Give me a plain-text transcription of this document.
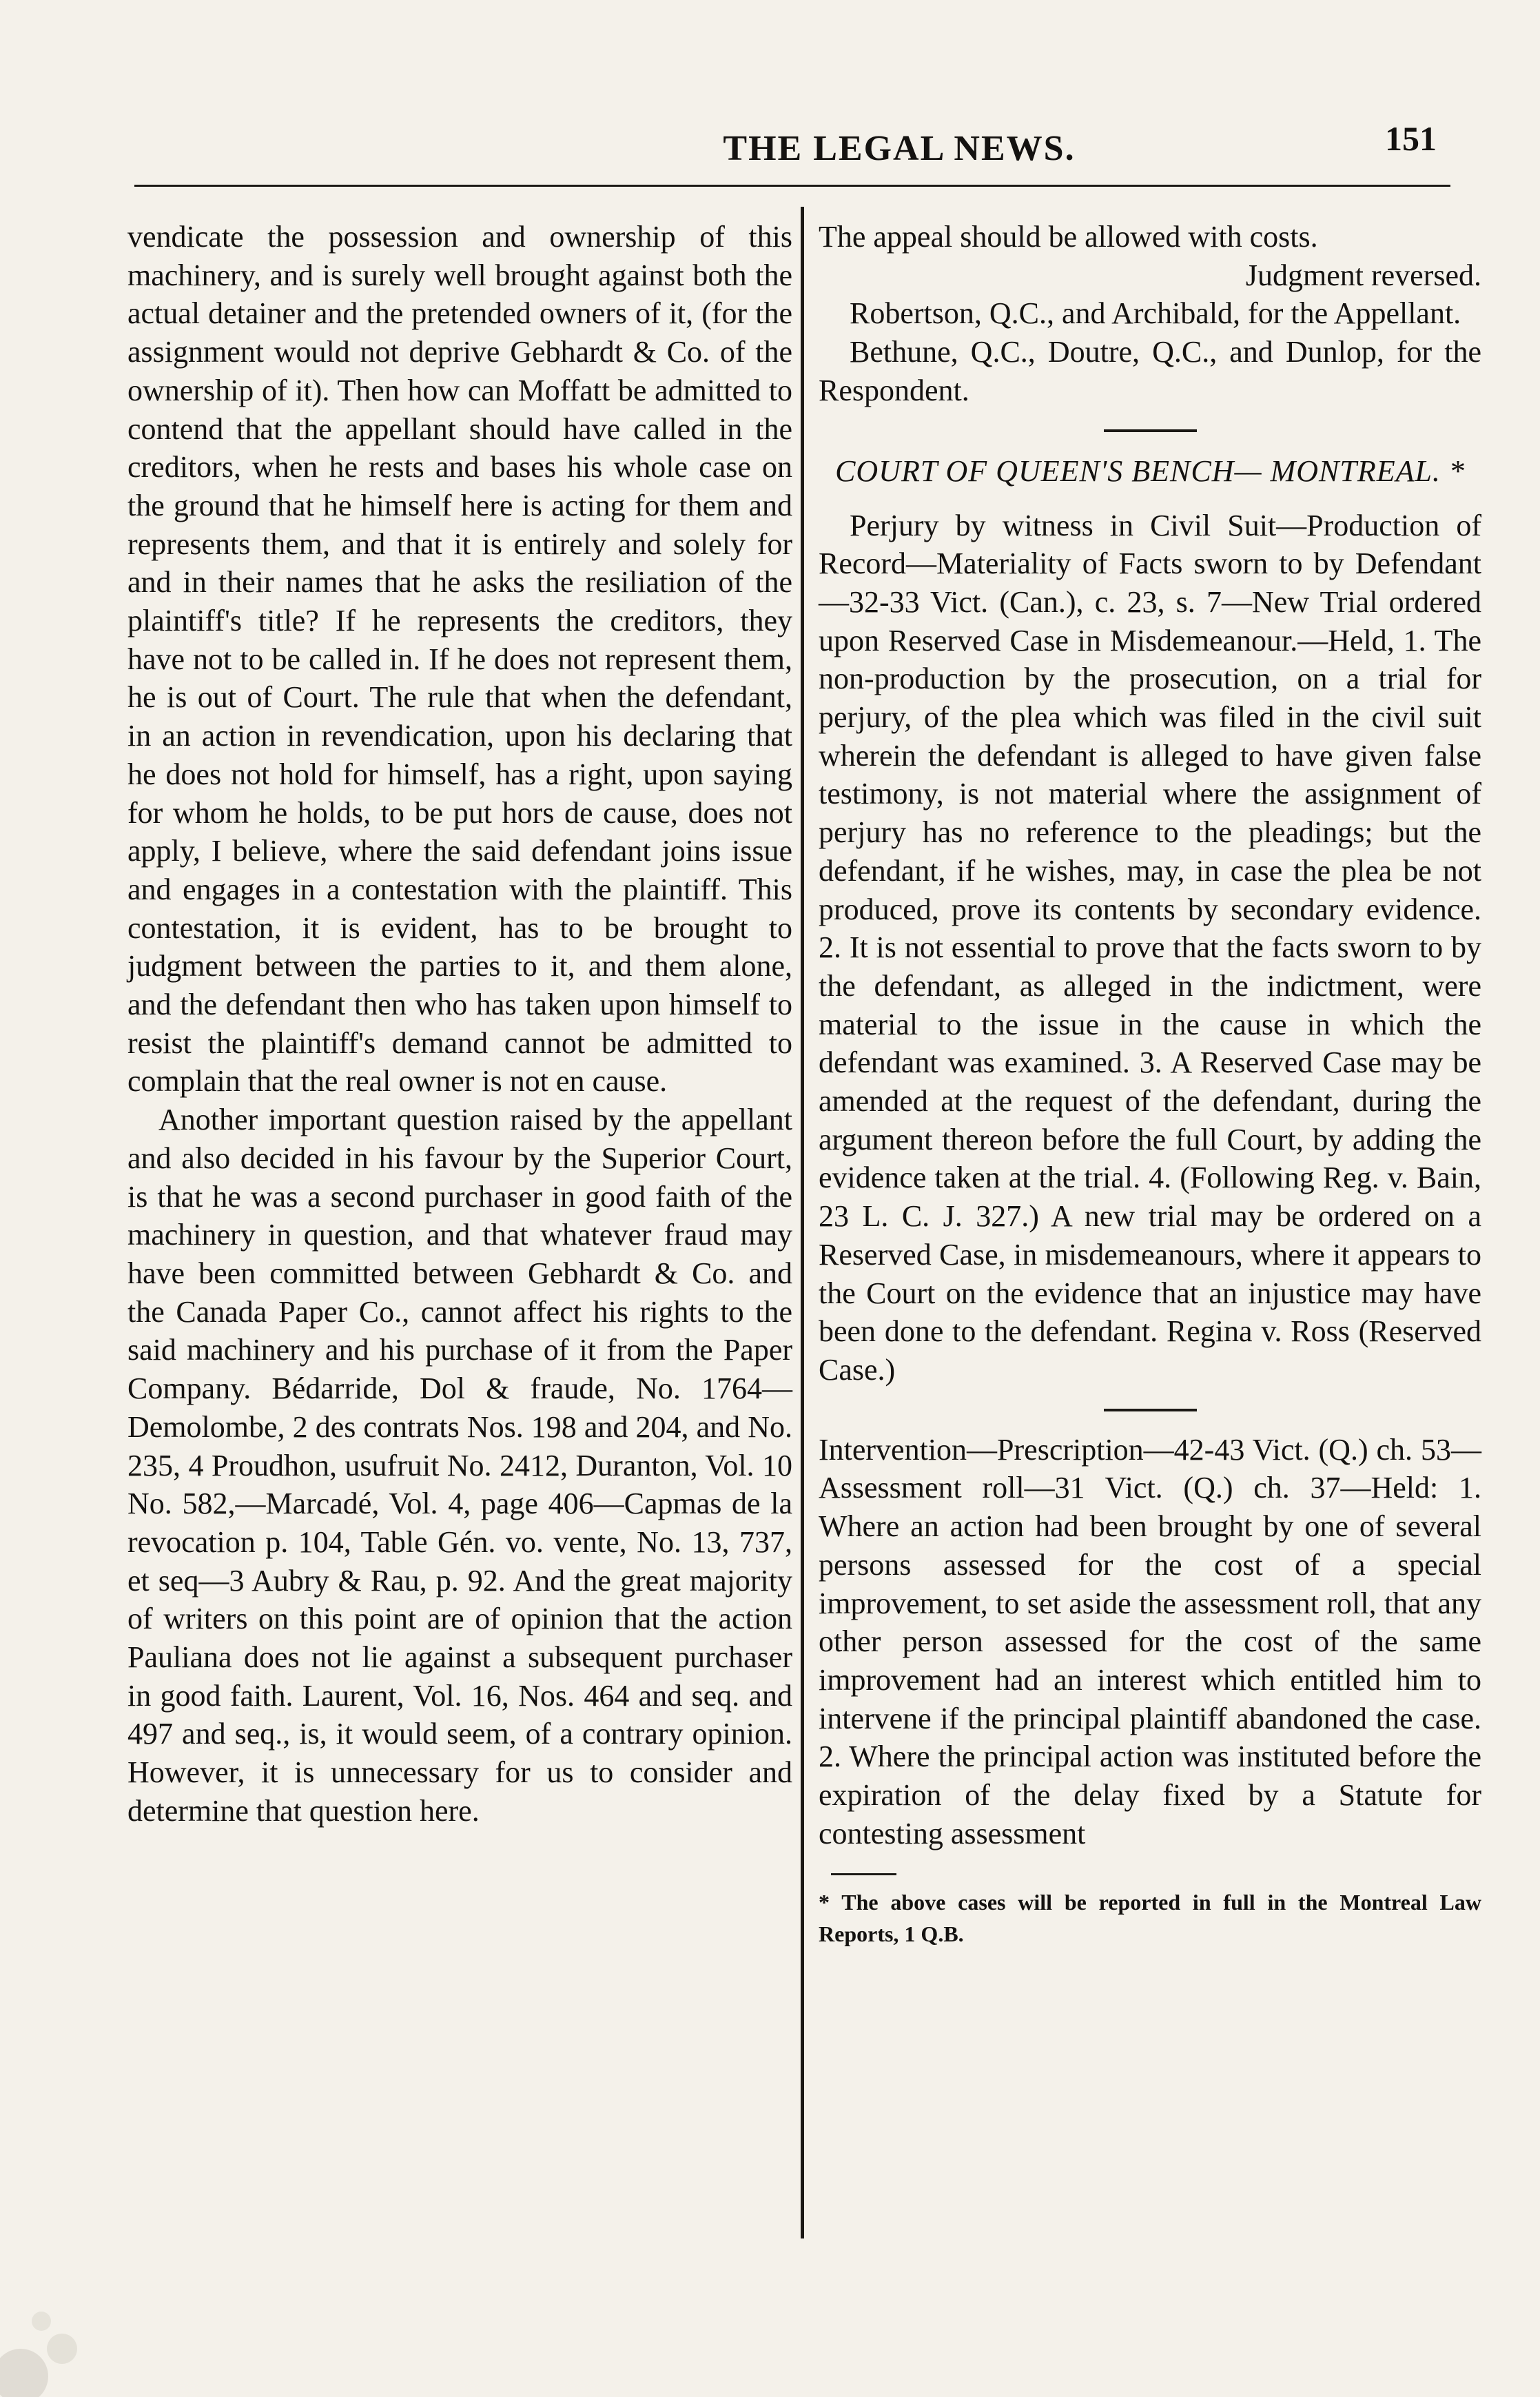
THE LEGAL NEWS.	151

vendicate the possession and ownership of this machinery, and is surely well brought against both the actual detainer and the pretended owners of it, (for the assignment would not deprive Gebhardt & Co. of the ownership of it). Then how can Moffatt be admitted to contend that the appellant should have called in the creditors, when he rests and bases his whole case on the ground that he himself here is acting for them and represents them, and that it is entirely and solely for and in their names that he asks the resiliation of the plaintiff's title? If he represents the creditors, they have not to be called in. If he does not represent them, he is out of Court. The rule that when the defendant, in an action in revendication, upon his declaring that he does not hold for himself, has a right, upon saying for whom he holds, to be put hors de cause, does not apply, I believe, where the said defendant joins issue and engages in a contestation with the plaintiff. This contestation, it is evident, has to be brought to judgment between the parties to it, and them alone, and the defendant then who has taken upon himself to resist the plaintiff's demand cannot be admitted to complain that the real owner is not en cause.

Another important question raised by the appellant and also decided in his favour by the Superior Court, is that he was a second purchaser in good faith of the machinery in question, and that whatever fraud may have been committed between Gebhardt & Co. and the Canada Paper Co., cannot affect his rights to the said machinery and his purchase of it from the Paper Company. Bédarride, Dol & fraude, No. 1764—Demolombe, 2 des contrats Nos. 198 and 204, and No. 235, 4 Proudhon, usufruit No. 2412, Duranton, Vol. 10 No. 582,—Marcadé, Vol. 4, page 406—Capmas de la revocation p. 104, Table Gén. vo. vente, No. 13, 737, et seq—3 Aubry & Rau, p. 92. And the great majority of writers on this point are of opinion that the action Pauliana does not lie against a subsequent purchaser in good faith. Laurent, Vol. 16, Nos. 464 and seq. and 497 and seq., is, it would seem, of a contrary opinion. However, it is unnecessary for us to consider and determine that question here.

The appeal should be allowed with costs.

Judgment reversed.

Robertson, Q.C., and Archibald, for the Appellant.

Bethune, Q.C., Doutre, Q.C., and Dunlop, for the Respondent.

COURT OF QUEEN'S BENCH— MONTREAL. *

Perjury by witness in Civil Suit—Production of Record—Materiality of Facts sworn to by Defendant—32-33 Vict. (Can.), c. 23, s. 7—New Trial ordered upon Reserved Case in Misdemeanour.—Held, 1. The non-production by the prosecution, on a trial for perjury, of the plea which was filed in the civil suit wherein the defendant is alleged to have given false testimony, is not material where the assignment of perjury has no reference to the pleadings; but the defendant, if he wishes, may, in case the plea be not produced, prove its contents by secondary evidence. 2. It is not essential to prove that the facts sworn to by the defendant, as alleged in the indictment, were material to the issue in the cause in which the defendant was examined. 3. A Reserved Case may be amended at the request of the defendant, during the argument thereon before the full Court, by adding the evidence taken at the trial. 4. (Following Reg. v. Bain, 23 L. C. J. 327.) A new trial may be ordered on a Reserved Case, in misdemeanours, where it appears to the Court on the evidence that an injustice may have been done to the defendant. Regina v. Ross (Reserved Case.)

Intervention—Prescription—42-43 Vict. (Q.) ch. 53—Assessment roll—31 Vict. (Q.) ch. 37—Held: 1. Where an action had been brought by one of several persons assessed for the cost of a special improvement, to set aside the assessment roll, that any other person assessed for the cost of the same improvement had an interest which entitled him to intervene if the principal plaintiff abandoned the case. 2. Where the principal action was instituted before the expiration of the delay fixed by a Statute for contesting assessment

* The above cases will be reported in full in the Montreal Law Reports, 1 Q.B.
